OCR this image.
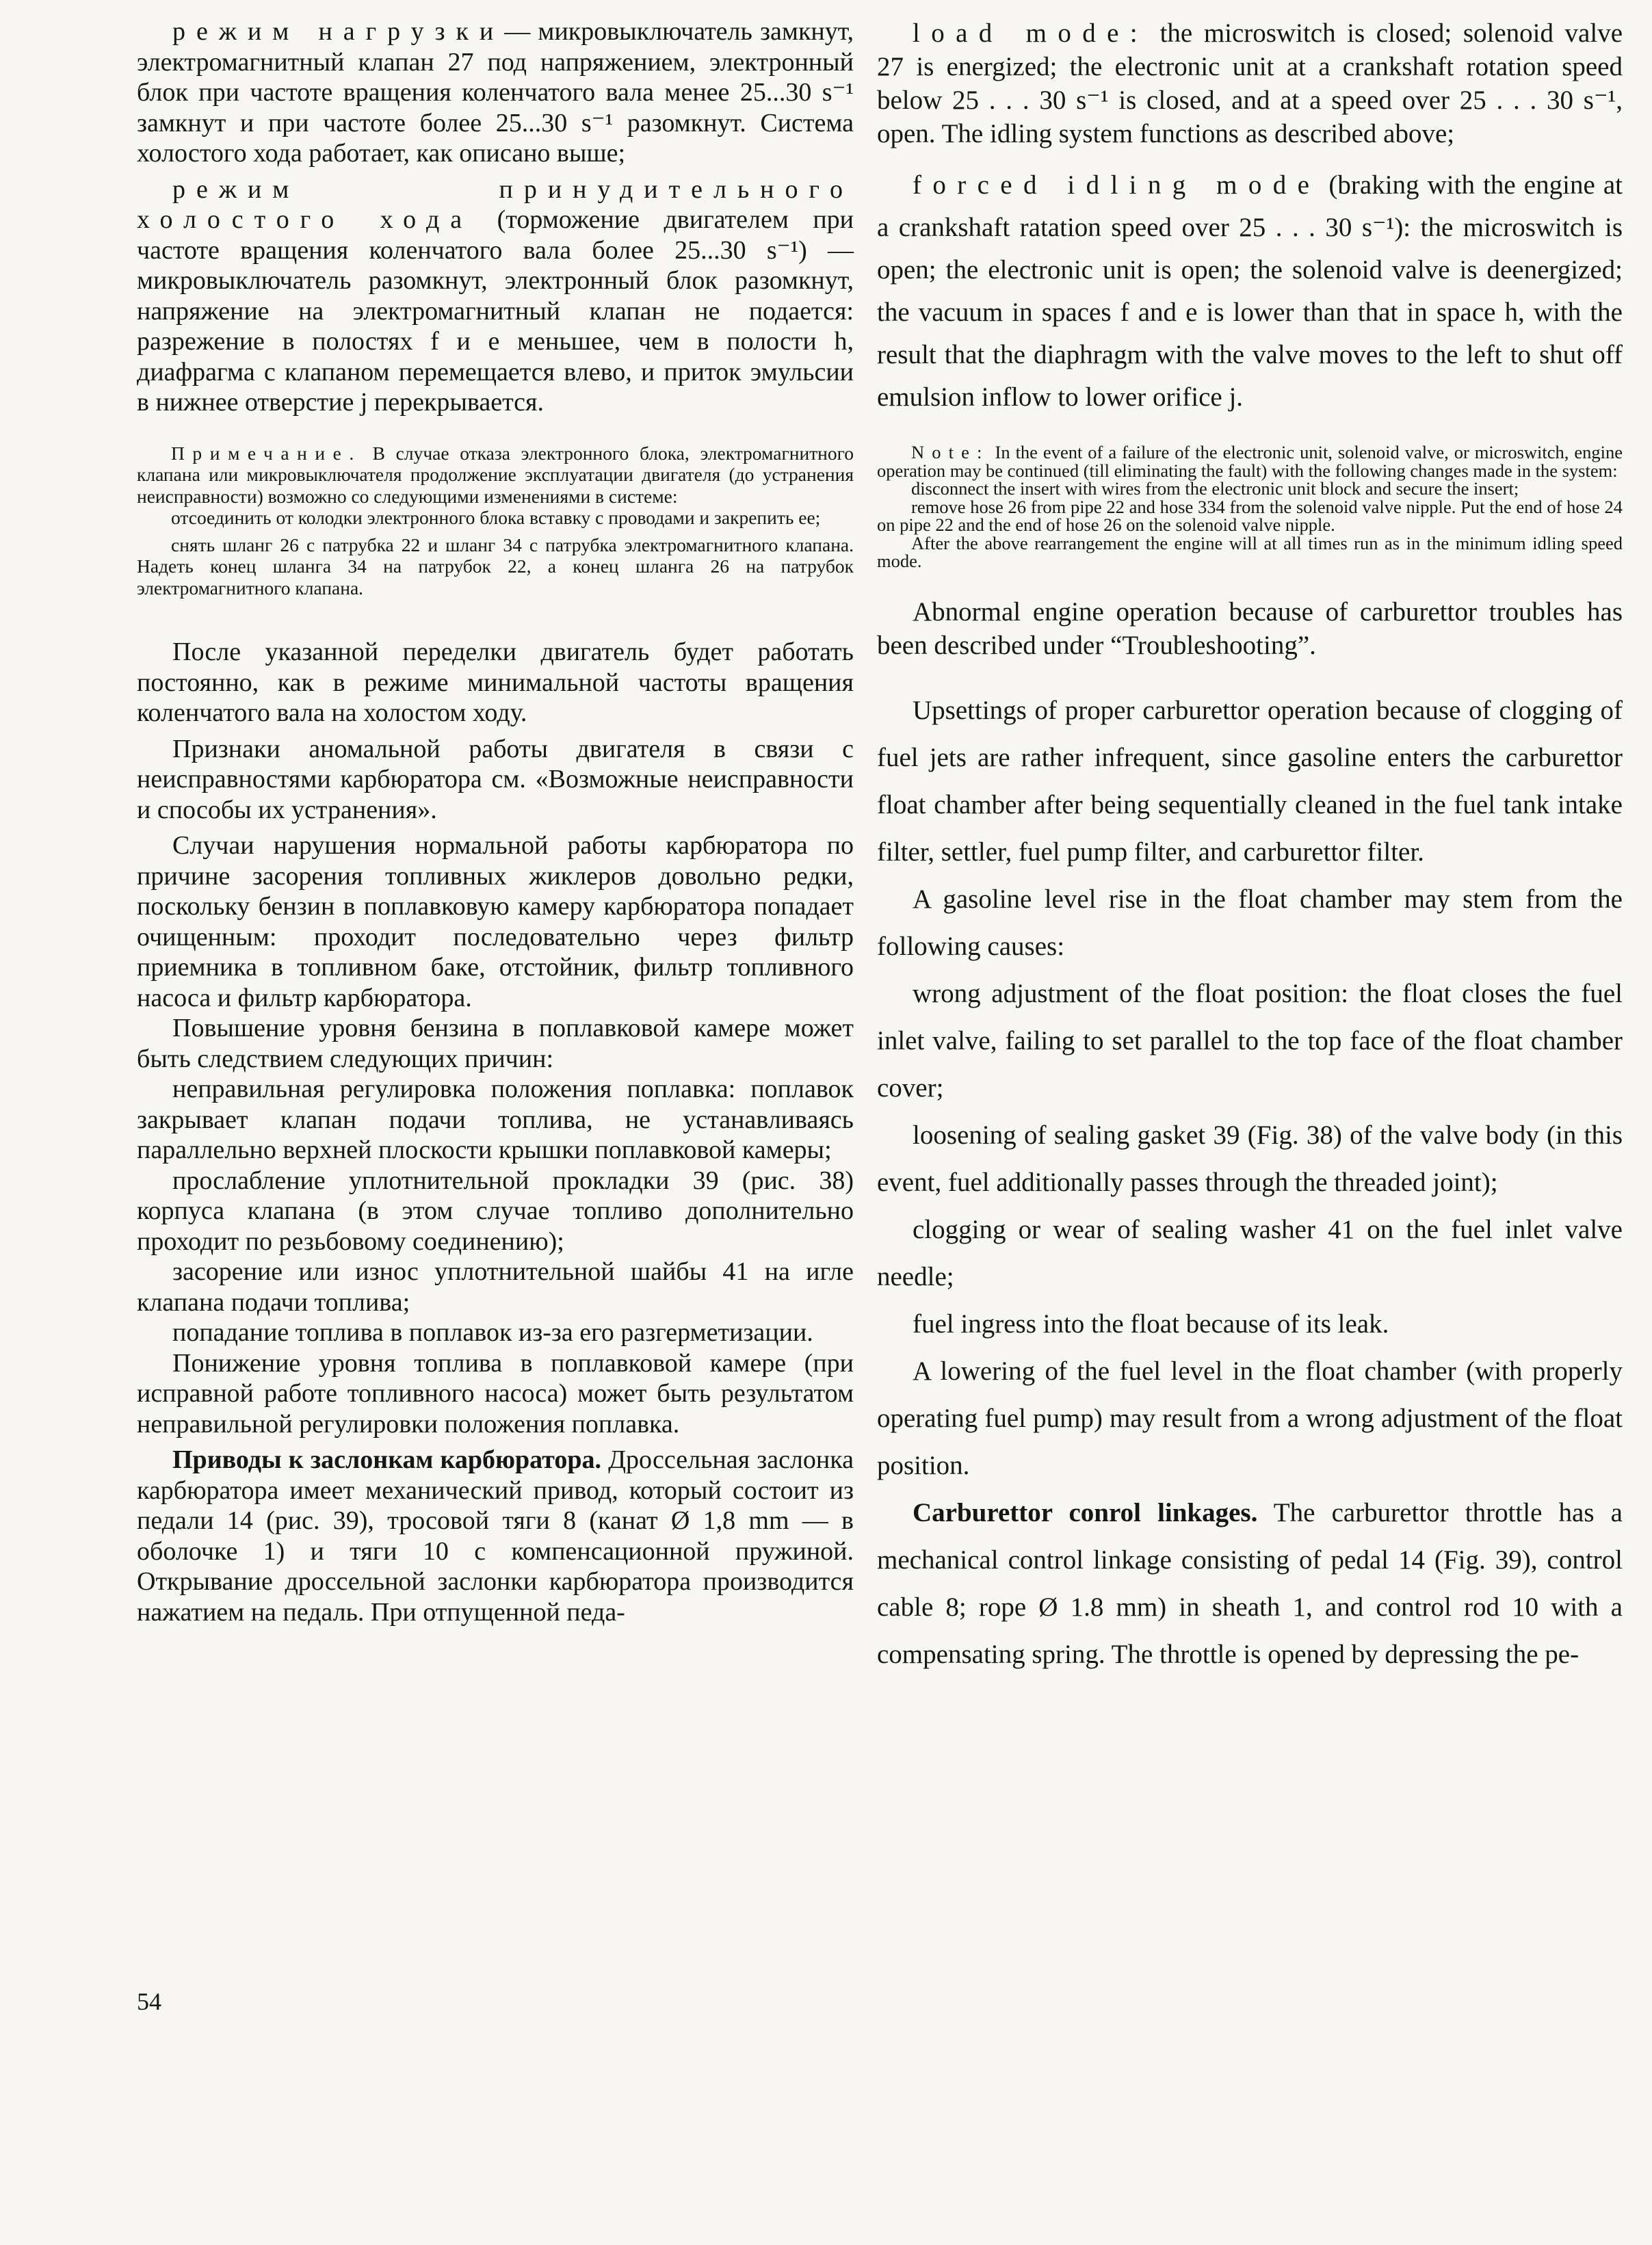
режим нагрузки— микровыключатель замкнут, электромагнитный клапан 27 под напряжением, электронный блок при частоте вращения коленчатого вала менее 25...30 s⁻¹ замкнут и при частоте более 25...30 s⁻¹ разомкнут. Система холостого хода работает, как описано выше;

режим принудительного холостого хода (торможение двигателем при частоте вращения коленчатого вала более 25...30 s⁻¹) — микровыключатель разомкнут, электронный блок разомкнут, напряжение на электромагнитный клапан не подается: разрежение в полостях f и e меньшее, чем в полости h, диафрагма с клапаном перемещается влево, и приток эмульсии в нижнее отверстие j перекрывается.

Примечание. В случае отказа электронного блока, электромагнитного клапана или микровыключателя продолжение эксплуатации двигателя (до устранения неисправности) возможно со следующими изменениями в системе:

отсоединить от колодки электронного блока вставку с проводами и закрепить ее;

снять шланг 26 с патрубка 22 и шланг 34 с патрубка электромагнитного клапана. Надеть конец шланга 34 на патрубок 22, а конец шланга 26 на патрубок электромагнитного клапана.

После указанной переделки двигатель будет работать постоянно, как в режиме минимальной частоты вращения коленчатого вала на холостом ходу.

Признаки аномальной работы двигателя в связи с неисправностями карбюратора см. «Возможные неисправности и способы их устранения».

Случаи нарушения нормальной работы карбюратора по причине засорения топливных жиклеров довольно редки, поскольку бензин в поплавковую камеру карбюратора попадает очищенным: проходит последовательно через фильтр приемника в топливном баке, отстойник, фильтр топливного насоса и фильтр карбюратора.

Повышение уровня бензина в поплавковой камере может быть следствием следующих причин:

неправильная регулировка положения поплавка: поплавок закрывает клапан подачи топлива, не устанавливаясь параллельно верхней плоскости крышки поплавковой камеры;

прослабление уплотнительной прокладки 39 (рис. 38) корпуса клапана (в этом случае топливо дополнительно проходит по резьбовому соединению);

засорение или износ уплотнительной шайбы 41 на игле клапана подачи топлива;

попадание топлива в поплавок из-за его разгерметизации.

Понижение уровня топлива в поплавковой камере (при исправной работе топливного насоса) может быть результатом неправильной регулировки положения поплавка.

Приводы к заслонкам карбюратора. Дроссельная заслонка карбюратора имеет механический привод, который состоит из педали 14 (рис. 39), тросовой тяги 8 (канат Ø 1,8 mm — в оболочке 1) и тяги 10 с компенсационной пружиной. Открывание дроссельной заслонки карбюратора производится нажатием на педаль. При отпущенной педа-

load mode: the microswitch is closed; solenoid valve 27 is energized; the electronic unit at a crankshaft rotation speed below 25 . . . 30 s⁻¹ is closed, and at a speed over 25 . . . 30 s⁻¹, open. The idling system functions as described above;

forced idling mode (braking with the engine at a crankshaft ratation speed over 25 . . . 30 s⁻¹): the microswitch is open; the electronic unit is open; the solenoid valve is deenergized; the vacuum in spaces f and e is lower than that in space h, with the result that the diaphragm with the valve moves to the left to shut off emulsion inflow to lower orifice j.

Note: In the event of a failure of the electronic unit, solenoid valve, or microswitch, engine operation may be continued (till eliminating the fault) with the following changes made in the system:

disconnect the insert with wires from the electronic unit block and secure the insert;

remove hose 26 from pipe 22 and hose 334 from the solenoid valve nipple. Put the end of hose 24 on pipe 22 and the end of hose 26 on the solenoid valve nipple.

After the above rearrangement the engine will at all times run as in the minimum idling speed mode.

Abnormal engine operation because of carburettor troubles has been described under “Troubleshooting”.

Upsettings of proper carburettor operation because of clogging of fuel jets are rather infrequent, since gasoline enters the carburettor float chamber after being sequentially cleaned in the fuel tank intake filter, settler, fuel pump filter, and carburettor filter.

A gasoline level rise in the float chamber may stem from the following causes:

wrong adjustment of the float position: the float closes the fuel inlet valve, failing to set parallel to the top face of the float chamber cover;

loosening of sealing gasket 39 (Fig. 38) of the valve body (in this event, fuel additionally passes through the threaded joint);

clogging or wear of sealing washer 41 on the fuel inlet valve needle;

fuel ingress into the float because of its leak.

A lowering of the fuel level in the float chamber (with properly operating fuel pump) may result from a wrong adjustment of the float position.

Carburettor conrol linkages. The carburettor throttle has a mechanical control linkage consisting of pedal 14 (Fig. 39), control cable 8; rope Ø 1.8 mm) in sheath 1, and control rod 10 with a compensating spring. The throttle is opened by depressing the pe-

54
